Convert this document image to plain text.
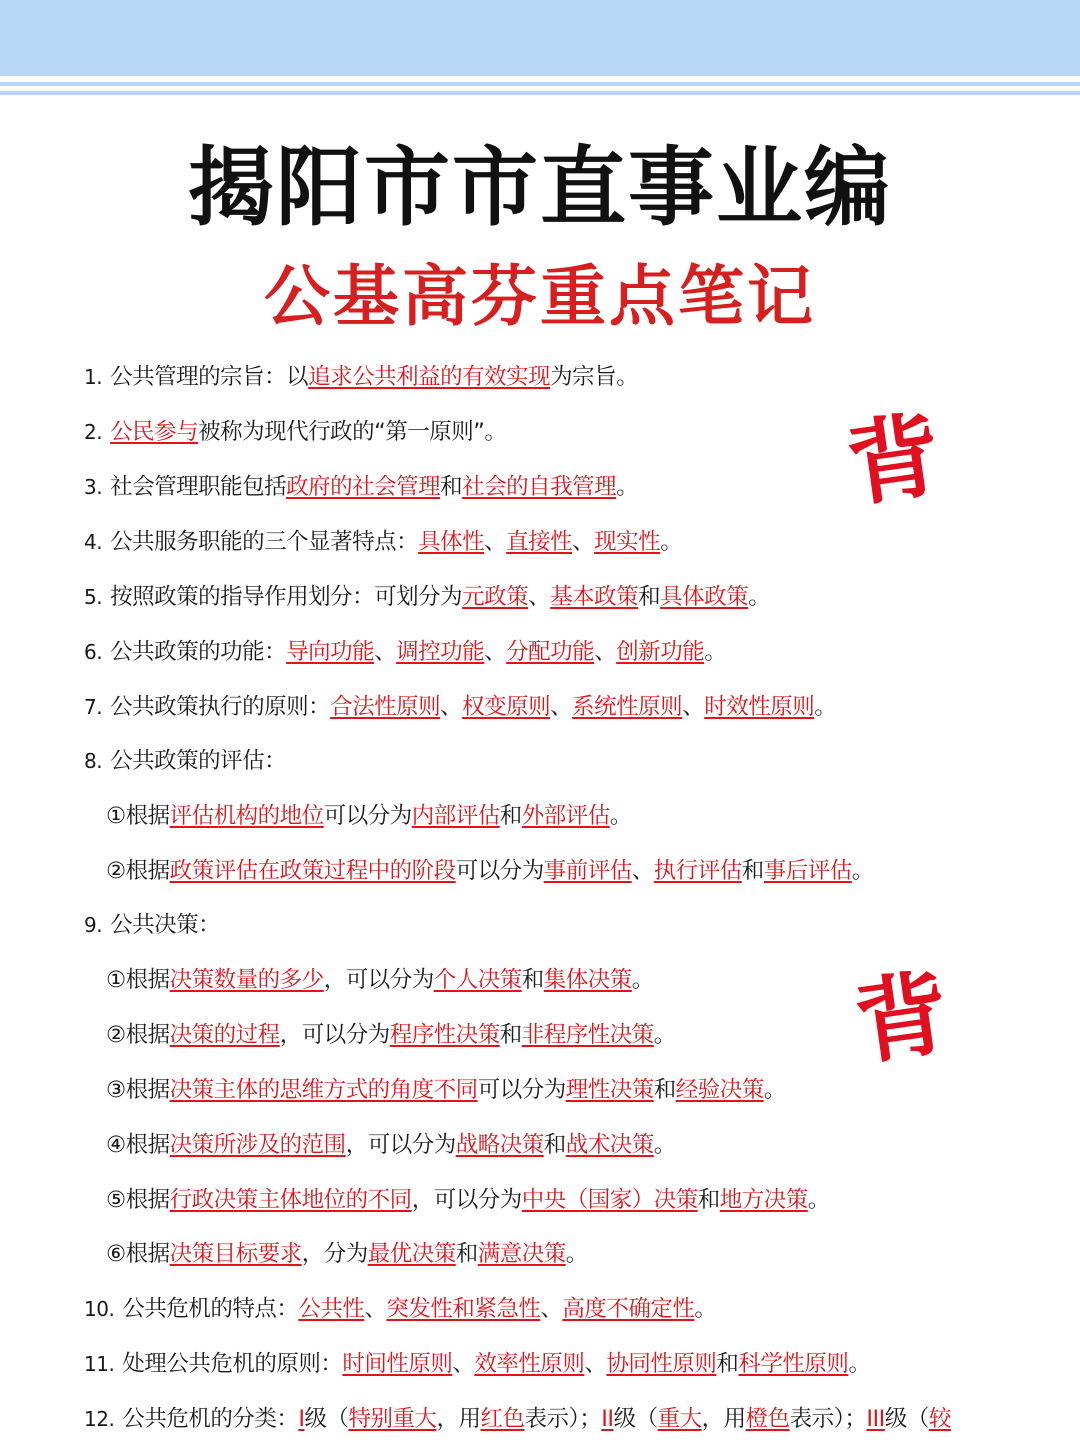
揭阳市市直事业编
公基高芬重点笔记
背
背
1. 公共管理的宗旨：以追求公共利益的有效实现为宗旨。
2. 公民参与被称为现代行政的“第一原则”。
3. 社会管理职能包括政府的社会管理和社会的自我管理。
4. 公共服务职能的三个显著特点：具体性、直接性、现实性。
5. 按照政策的指导作用划分：可划分为元政策、基本政策和具体政策。
6. 公共政策的功能：导向功能、调控功能、分配功能、创新功能。
7. 公共政策执行的原则：合法性原则、权变原则、系统性原则、时效性原则。
8. 公共政策的评估：
①根据评估机构的地位可以分为内部评估和外部评估。
②根据政策评估在政策过程中的阶段可以分为事前评估、执行评估和事后评估。
9. 公共决策：
①根据决策数量的多少，可以分为个人决策和集体决策。
②根据决策的过程，可以分为程序性决策和非程序性决策。
③根据决策主体的思维方式的角度不同可以分为理性决策和经验决策。
④根据决策所涉及的范围，可以分为战略决策和战术决策。
⑤根据行政决策主体地位的不同，可以分为中央（国家）决策和地方决策。
⑥根据决策目标要求，分为最优决策和满意决策。
10. 公共危机的特点：公共性、突发性和紧急性、高度不确定性。
11. 处理公共危机的原则：时间性原则、效率性原则、协同性原则和科学性原则。
12. 公共危机的分类：I级（特别重大，用红色表示）；II级（重大，用橙色表示）；III级（较
